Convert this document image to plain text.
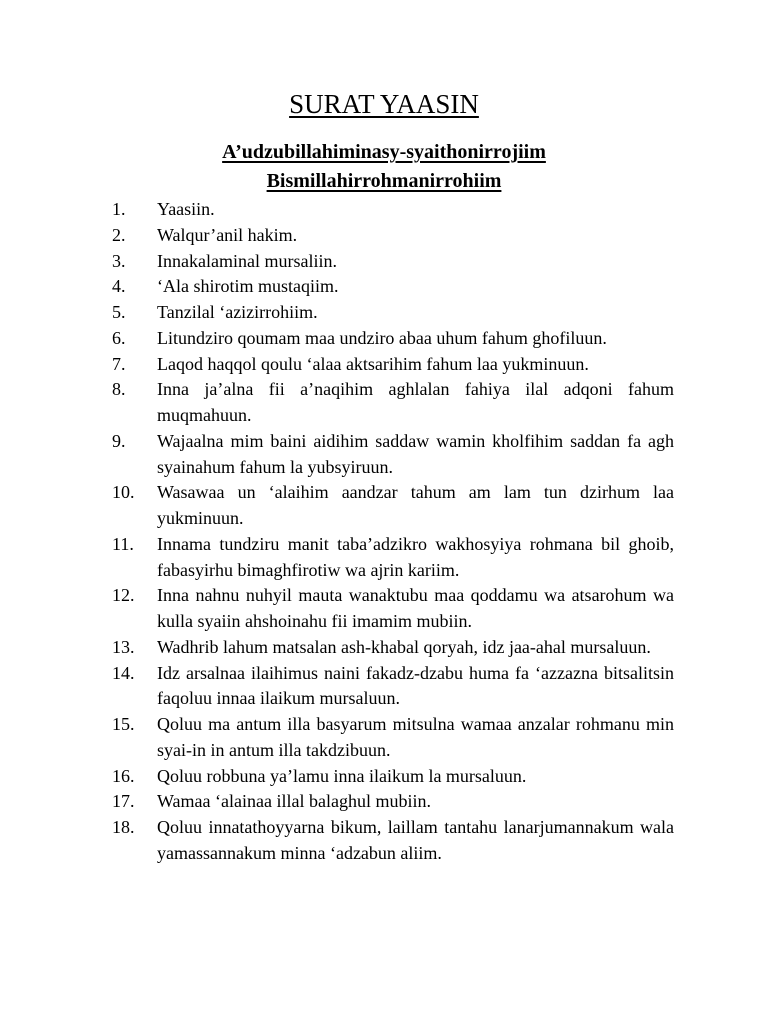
SURAT YAASIN

A’udzubillahiminasy-syaithonirrojiim

Bismillahirrohmanirrohiim

1.	Yaasiin.
2.	Walqur’anil hakim.
3.	Innakalaminal mursaliin.
4.	‘Ala shirotim mustaqiim.
5.	Tanzilal ‘azizirrohiim.
6.	Litundziro qoumam maa undziro abaa uhum fahum ghofiluun.
7.	Laqod haqqol qoulu ‘alaa aktsarihim fahum laa yukminuun.
8.	Inna ja’alna fii a’naqihim aghlalan fahiya ilal adqoni fahum muqmahuun.
9.	Wajaalna mim baini aidihim saddaw wamin kholfihim saddan fa agh syainahum fahum la yubsyiruun.
10.	Wasawaa un ‘alaihim aandzar tahum am lam tun dzirhum laa yukminuun.
11.	Innama tundziru manit taba’adzikro wakhosyiya rohmana bil ghoib, fabasyirhu bimaghfirotiw wa ajrin kariim.
12.	Inna nahnu nuhyil mauta wanaktubu maa qoddamu wa atsarohum wa kulla syaiin ahshoinahu fii imamim mubiin.
13.	Wadhrib lahum matsalan ash-khabal qoryah, idz jaa-ahal mursaluun.
14.	Idz arsalnaa ilaihimus naini fakadz-dzabu huma fa ‘azzazna bitsalitsin faqoluu innaa ilaikum mursaluun.
15.	Qoluu ma antum illa basyarum mitsulna wamaa anzalar rohmanu min syai-in in antum illa takdzibuun.
16.	Qoluu robbuna ya’lamu inna ilaikum la mursaluun.
17.	Wamaa ‘alainaa illal balaghul mubiin.
18.	Qoluu innatathoyyarna bikum, laillam tantahu lanarjumannakum wala yamassannakum minna ‘adzabun aliim.
